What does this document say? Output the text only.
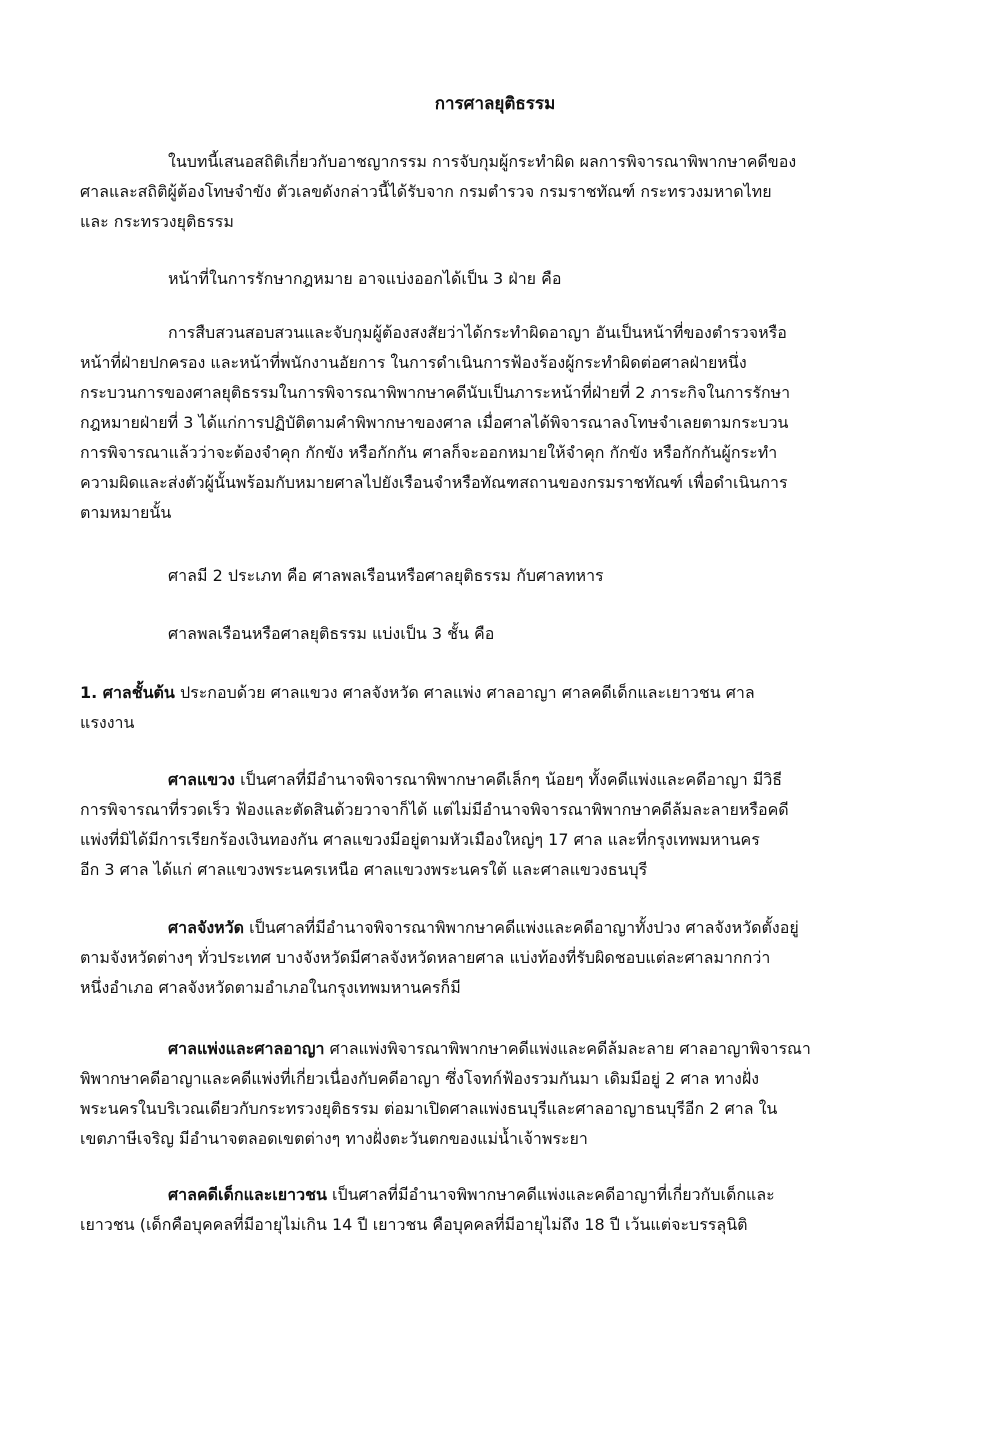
การศาลยุติธรรม
ในบทนี้เสนอสถิติเกี่ยวกับอาชญากรรม การจับกุมผู้กระทำผิด ผลการพิจารณาพิพากษาคดีของ
ศาลและสถิติผู้ต้องโทษจำขัง ตัวเลขดังกล่าวนี้ได้รับจาก กรมตำรวจ กรมราชทัณฑ์ กระทรวงมหาดไทย
และ กระทรวงยุติธรรม
หน้าที่ในการรักษากฎหมาย อาจแบ่งออกได้เป็น 3 ฝ่าย คือ
การสืบสวนสอบสวนและจับกุมผู้ต้องสงสัยว่าได้กระทำผิดอาญา อันเป็นหน้าที่ของตำรวจหรือ
หน้าที่ฝ่ายปกครอง และหน้าที่พนักงานอัยการ ในการดำเนินการฟ้องร้องผู้กระทำผิดต่อศาลฝ่ายหนึ่ง
กระบวนการของศาลยุติธรรมในการพิจารณาพิพากษาคดีนับเป็นภาระหน้าที่ฝ่ายที่ 2 ภาระกิจในการรักษา
กฎหมายฝ่ายที่ 3 ได้แก่การปฏิบัติตามคำพิพากษาของศาล เมื่อศาลได้พิจารณาลงโทษจำเลยตามกระบวน
การพิจารณาแล้วว่าจะต้องจำคุก กักขัง หรือกักกัน ศาลก็จะออกหมายให้จำคุก กักขัง หรือกักกันผู้กระทำ
ความผิดและส่งตัวผู้นั้นพร้อมกับหมายศาลไปยังเรือนจำหรือทัณฑสถานของกรมราชทัณฑ์ เพื่อดำเนินการ
ตามหมายนั้น
ศาลมี 2 ประเภท คือ ศาลพลเรือนหรือศาลยุติธรรม กับศาลทหาร
ศาลพลเรือนหรือศาลยุติธรรม แบ่งเป็น 3 ชั้น คือ
1. ศาลชั้นต้น ประกอบด้วย ศาลแขวง ศาลจังหวัด ศาลแพ่ง ศาลอาญา ศาลคดีเด็กและเยาวชน ศาล
แรงงาน
ศาลแขวง เป็นศาลที่มีอำนาจพิจารณาพิพากษาคดีเล็กๆ น้อยๆ ทั้งคดีแพ่งและคดีอาญา มีวิธี
การพิจารณาที่รวดเร็ว ฟ้องและตัดสินด้วยวาจาก็ได้ แต่ไม่มีอำนาจพิจารณาพิพากษาคดีล้มละลายหรือคดี
แพ่งที่มิได้มีการเรียกร้องเงินทองกัน ศาลแขวงมีอยู่ตามหัวเมืองใหญ่ๆ 17 ศาล และที่กรุงเทพมหานคร
อีก 3 ศาล ได้แก่ ศาลแขวงพระนครเหนือ ศาลแขวงพระนครใต้ และศาลแขวงธนบุรี
ศาลจังหวัด เป็นศาลที่มีอำนาจพิจารณาพิพากษาคดีแพ่งและคดีอาญาทั้งปวง ศาลจังหวัดตั้งอยู่
ตามจังหวัดต่างๆ ทั่วประเทศ บางจังหวัดมีศาลจังหวัดหลายศาล แบ่งท้องที่รับผิดชอบแต่ละศาลมากกว่า
หนึ่งอำเภอ ศาลจังหวัดตามอำเภอในกรุงเทพมหานครก็มี
ศาลแพ่งและศาลอาญา ศาลแพ่งพิจารณาพิพากษาคดีแพ่งและคดีล้มละลาย ศาลอาญาพิจารณา
พิพากษาคดีอาญาและคดีแพ่งที่เกี่ยวเนื่องกับคดีอาญา ซึ่งโจทก์ฟ้องรวมกันมา เดิมมีอยู่ 2 ศาล ทางฝั่ง
พระนครในบริเวณเดียวกับกระทรวงยุติธรรม ต่อมาเปิดศาลแพ่งธนบุรีและศาลอาญาธนบุรีอีก 2 ศาล ใน
เขตภาษีเจริญ มีอำนาจตลอดเขตต่างๆ ทางฝั่งตะวันตกของแม่น้ำเจ้าพระยา
ศาลคดีเด็กและเยาวชน เป็นศาลที่มีอำนาจพิพากษาคดีแพ่งและคดีอาญาที่เกี่ยวกับเด็กและ
เยาวชน (เด็กคือบุคคลที่มีอายุไม่เกิน 14 ปี เยาวชน คือบุคคลที่มีอายุไม่ถึง 18 ปี เว้นแต่จะบรรลุนิติ
